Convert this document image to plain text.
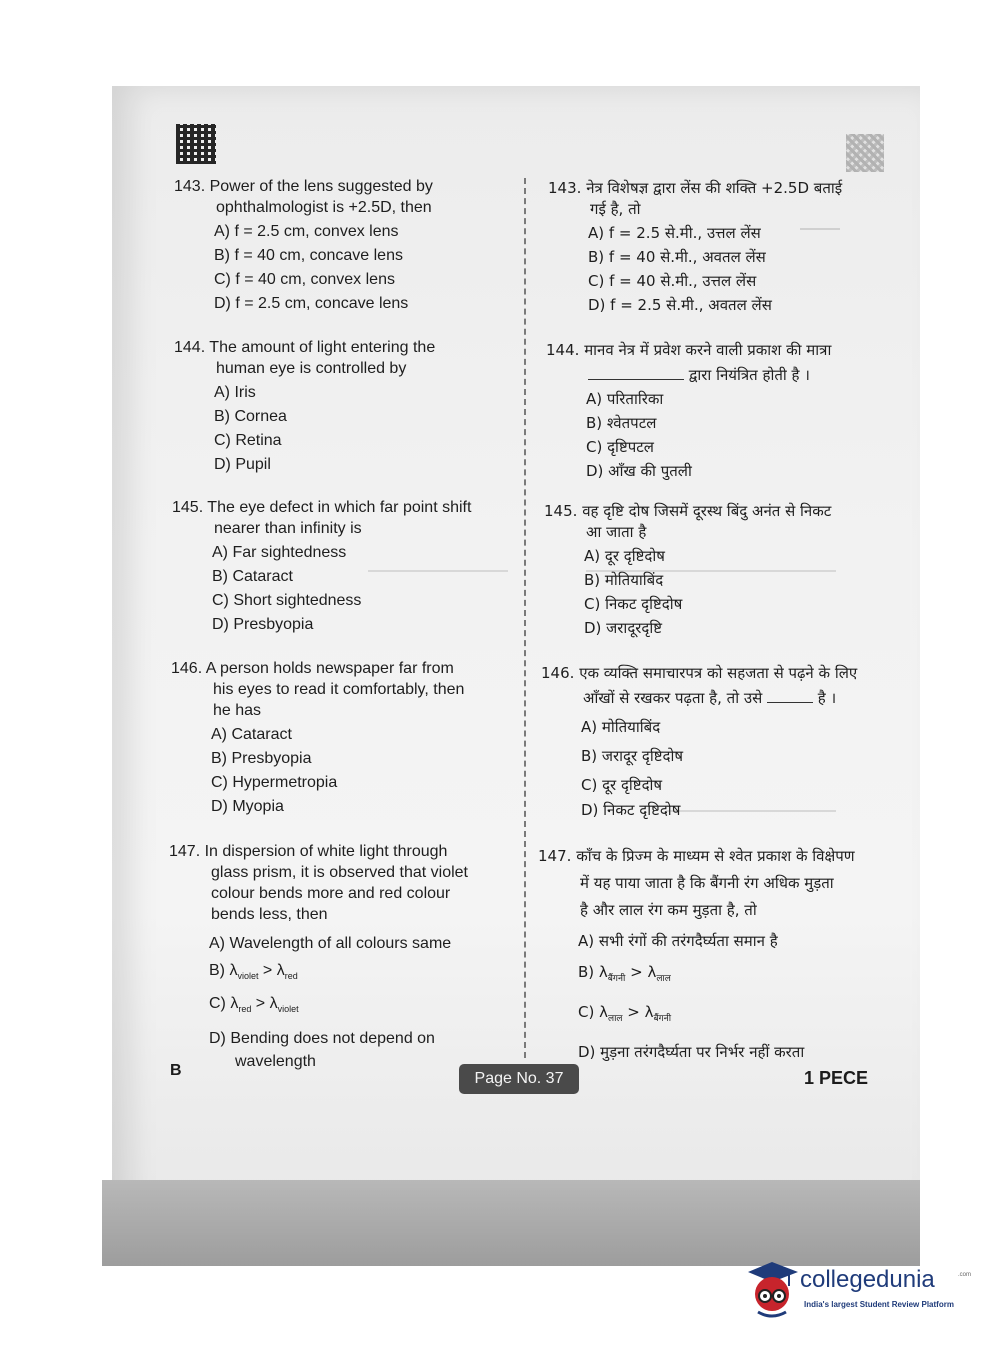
143. Power of the lens suggested by
ophthalmologist is +2.5D, then
A) f = 2.5 cm, convex lens
B) f = 40 cm, concave lens
C) f = 40 cm, convex lens
D) f = 2.5 cm, concave lens
144. The amount of light entering the
human eye is controlled by
A) Iris
B) Cornea
C) Retina
D) Pupil
145. The eye defect in which far point shift
nearer than infinity is
A) Far sightedness
B) Cataract
C) Short sightedness
D) Presbyopia
146. A person holds newspaper far from
his eyes to read it comfortably, then
he has
A) Cataract
B) Presbyopia
C) Hypermetropia
D) Myopia
147. In dispersion of white light through
glass prism, it is observed that violet
colour bends more and red colour
bends less, then
A) Wavelength of all colours same
B) $\lambda_{violet} > \lambda_{red}$
C) $\lambda_{red} > \lambda_{violet}$
D) Bending does not depend on
wavelength
143. नेत्र विशेषज्ञ द्वारा लेंस की शक्ति +2.5D बताई
गई है, तो
A) f = 2.5 से.मी., उत्तल लेंस
B) f = 40 से.मी., अवतल लेंस
C) f = 40 से.मी., उत्तल लेंस
D) f = 2.5 से.मी., अवतल लेंस
144. मानव नेत्र में प्रवेश करने वाली प्रकाश की मात्रा
द्वारा नियंत्रित होती है ।
A) परितारिका
B) श्वेतपटल
C) दृष्टिपटल
D) आँख की पुतली
145. वह दृष्टि दोष जिसमें दूरस्थ बिंदु अनंत से निकट
आ जाता है
A) दूर दृष्टिदोष
B) मोतियाबिंद
C) निकट दृष्टिदोष
D) जरादूरदृष्टि
146. एक व्यक्ति समाचारपत्र को सहजता से पढ़ने के लिए
आँखों से रखकर पढ़ता है, तो उसे	है ।
A) मोतियाबिंद
B) जरादूर दृष्टिदोष
C) दूर दृष्टिदोष
D) निकट दृष्टिदोष
147. काँच के प्रिज्म के माध्यम से श्वेत प्रकाश के विक्षेपण
में यह पाया जाता है कि बैंगनी रंग अधिक मुड़ता
है और लाल रंग कम मुड़ता है, तो
A) सभी रंगों की तरंगदैर्घ्यता समान है
B) $\lambda_{बैंगनी} > \lambda_{लाल}$
C) $\lambda_{लाल} > \lambda_{बैंगनी}$
D) मुड़ना तरंगदैर्घ्यता पर निर्भर नहीं करता
B	Page No. 37	1 PECE
collegedunia	.com
India's largest Student Review Platform
